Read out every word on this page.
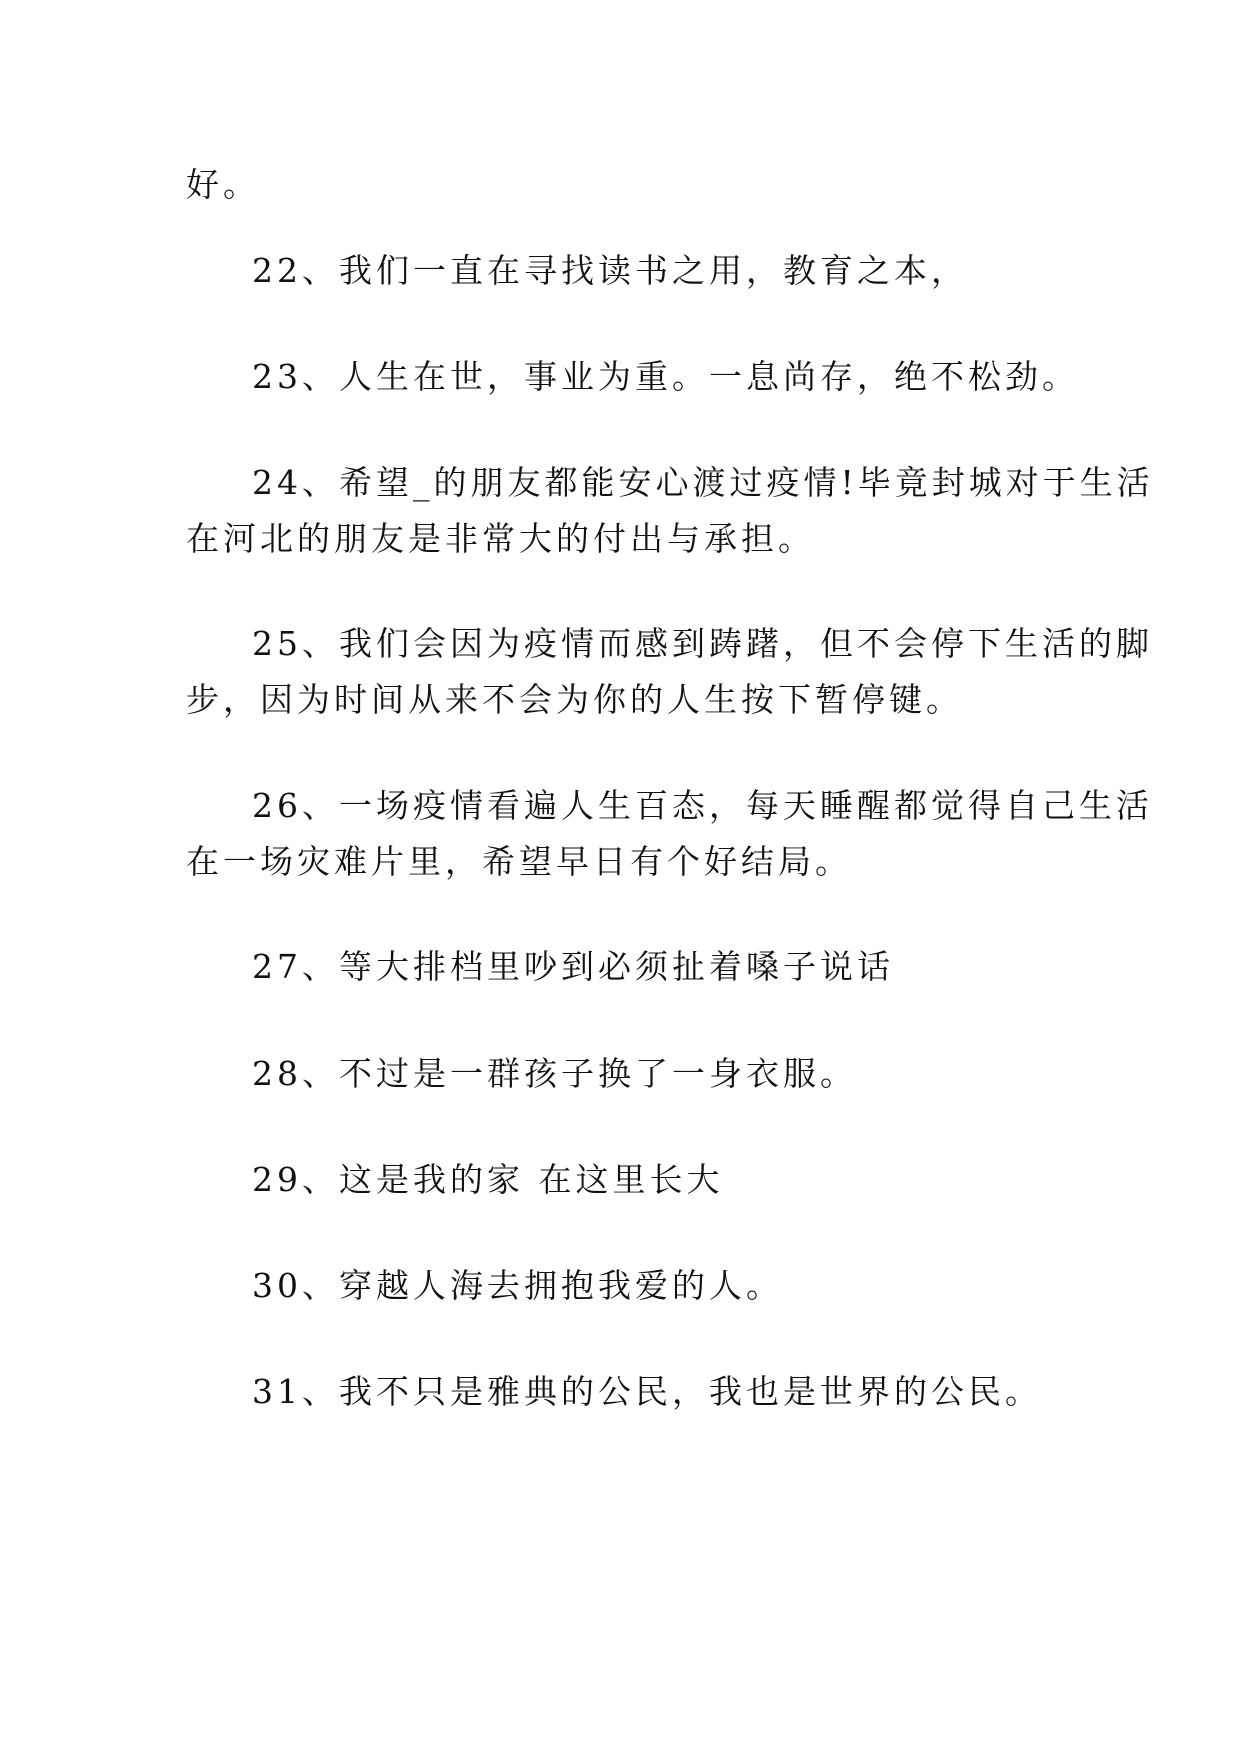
好。

22、我们一直在寻找读书之用，教育之本，

23、人生在世，事业为重。一息尚存，绝不松劲。

24、希望_的朋友都能安心渡过疫情!毕竟封城对于生活

在河北的朋友是非常大的付出与承担。

25、我们会因为疫情而感到踌躇，但不会停下生活的脚

步，因为时间从来不会为你的人生按下暂停键。

26、一场疫情看遍人生百态，每天睡醒都觉得自己生活

在一场灾难片里，希望早日有个好结局。

27、等大排档里吵到必须扯着嗓子说话

28、不过是一群孩子换了一身衣服。

29、这是我的家 在这里长大

30、穿越人海去拥抱我爱的人。

31、我不只是雅典的公民，我也是世界的公民。
